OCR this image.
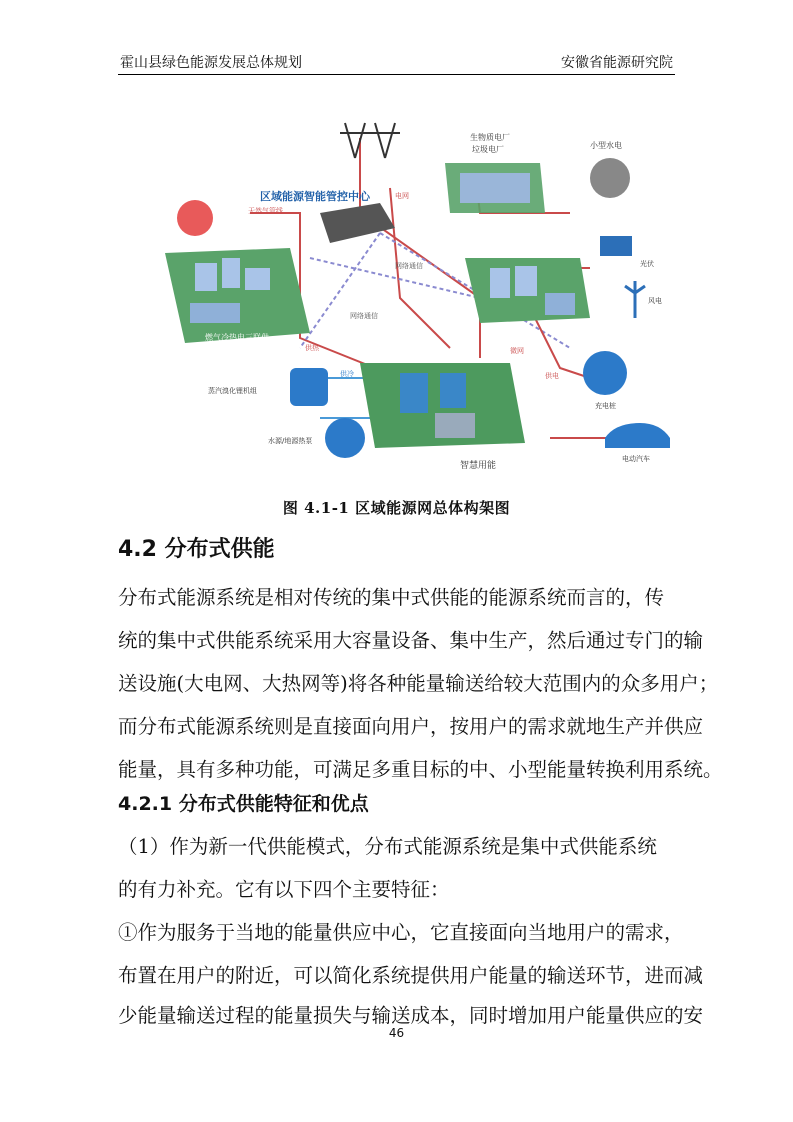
霍山县绿色能源发展总体规划	安徽省能源研究院
区域能源智能管控中心
生物质电厂
垃圾电厂	小型水电
天然气管线
电网
网络通信
网络通信
燃气冷热电三联供
蒸汽溴化锂机组
水源/地源热泵
智慧用能
充电桩
电动汽车
光伏
风电
微网
供电
供热
供冷
图 4.1-1 区域能源网总体构架图
4.2 分布式供能
分布式能源系统是相对传统的集中式供能的能源系统而言的，传
统的集中式供能系统采用大容量设备、集中生产，然后通过专门的输
送设施(大电网、大热网等)将各种能量输送给较大范围内的众多用户；
而分布式能源系统则是直接面向用户，按用户的需求就地生产并供应
能量，具有多种功能，可满足多重目标的中、小型能量转换利用系统。
4.2.1 分布式供能特征和优点
（1）作为新一代供能模式，分布式能源系统是集中式供能系统
的有力补充。它有以下四个主要特征：
①作为服务于当地的能量供应中心，它直接面向当地用户的需求，
布置在用户的附近，可以简化系统提供用户能量的输送环节，进而减
少能量输送过程的能量损失与输送成本，同时增加用户能量供应的安
46
